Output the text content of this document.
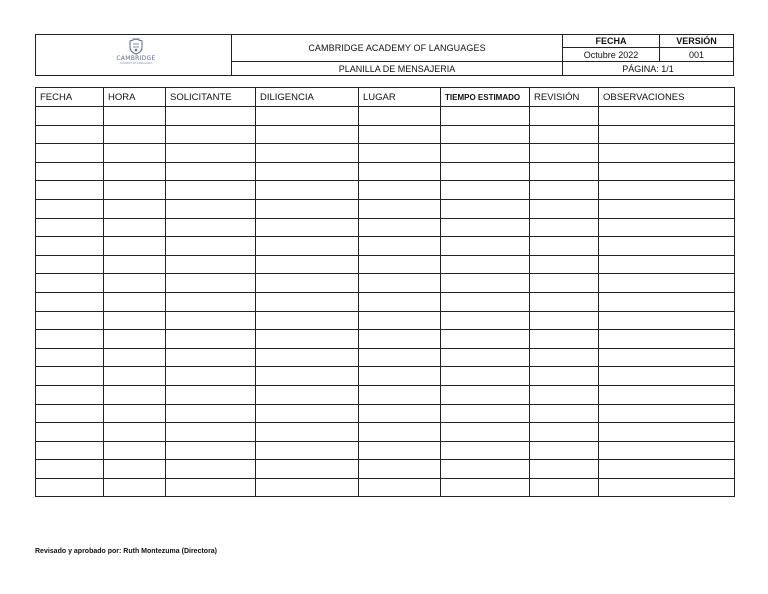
CAMBRIDGE
ACADEMY OF LANGUAGES
CAMBRIDGE ACADEMY OF LANGUAGES
PLANILLA DE MENSAJERIA
FECHA	VERSIÓN
Octubre 2022	001
PÁGINA: 1/1
FECHA	HORA	SOLICITANTE	DILIGENCIA	LUGAR	TIEMPO ESTIMADO	REVISIÓN	OBSERVACIONES

Revisado y aprobado por: Ruth Montezuma (Directora)
